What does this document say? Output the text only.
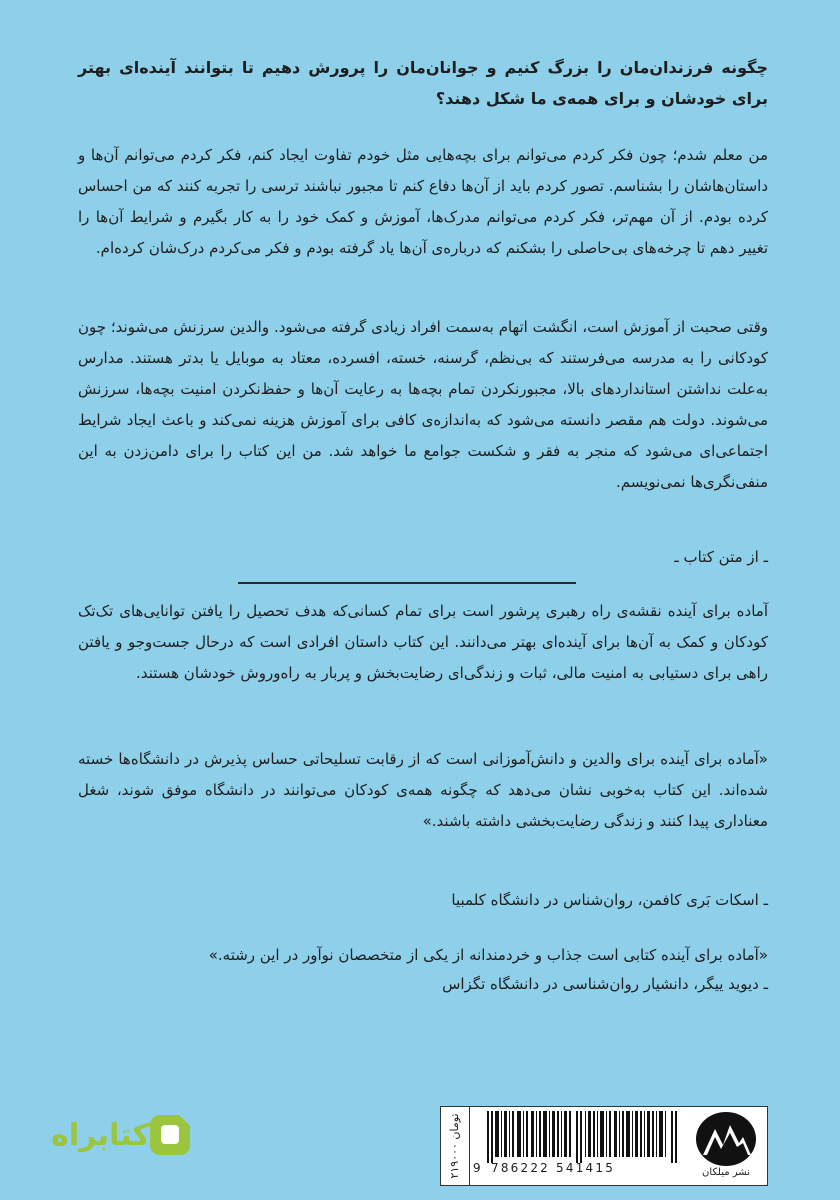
چگونه فرزندان‌مان را بزرگ کنیم و جوانان‌مان را پرورش دهیم تا بتوانند آینده‌ای بهتر برای خودشان و برای همه‌ی ما شکل دهند؟
من معلم شدم؛ چون فکر کردم می‌توانم برای بچه‌هایی مثل خودم تفاوت ایجاد کنم، فکر کردم می‌توانم آن‌ها و داستان‌هاشان را بشناسم. تصور کردم باید از آن‌ها دفاع کنم تا مجبور نباشند ترسی را تجربه کنند که من احساس کرده بودم. از آن مهم‌تر، فکر کردم می‌توانم مدرک‌ها، آموزش و کمک خود را به کار بگیرم و شرایط آن‌ها را تغییر دهم تا چرخه‌های بی‌حاصلی را بشکنم که درباره‌ی آن‌ها یاد گرفته بودم و فکر می‌کردم درک‌شان کرده‌ام.
وقتی صحبت از آموزش است، انگشت اتهام به‌سمت افراد زیادی گرفته می‌شود. والدین سرزنش می‌شوند؛ چون کودکانی را به مدرسه می‌فرستند که بی‌نظم، گرسنه، خسته، افسرده، معتاد به موبایل یا بدتر هستند. مدارس به‌علت نداشتن استانداردهای بالا، مجبورنکردن تمام بچه‌ها به رعایت آن‌ها و حفظ‌نکردن امنیت بچه‌ها، سرزنش می‌شوند. دولت هم مقصر دانسته می‌شود که به‌اندازه‌ی کافی برای آموزش هزینه نمی‌کند و باعث ایجاد شرایط اجتماعی‌ای می‌شود که منجر به فقر و شکست جوامع ما خواهد شد. من این کتاب را برای دامن‌زدن به این منفی‌نگری‌ها نمی‌نویسم.
ـ از متن کتاب ـ
آماده برای آینده نقشه‌ی راه رهبری پرشور است برای تمام کسانی‌که هدف تحصیل را یافتن توانایی‌های تک‌تک کودکان و کمک به آن‌ها برای آینده‌ای بهتر می‌دانند. این کتاب داستان افرادی است که درحال جست‌وجو و یافتن راهی برای دستیابی به امنیت مالی، ثبات و زندگی‌ای رضایت‌بخش و پربار به راه‌وروش خودشان هستند.
«آماده برای آینده برای والدین و دانش‌آموزانی است که از رقابت تسلیحاتی حساس پذیرش در دانشگاه‌ها خسته شده‌اند. این کتاب به‌خوبی نشان می‌دهد که چگونه همه‌ی کودکان می‌توانند در دانشگاه موفق شوند، شغل معناداری پیدا کنند و زندگی رضایت‌بخشی داشته باشند.»
ـ اسکات بَری کافمن، روان‌شناس در دانشگاه کلمبیا
«آماده برای آینده کتابی است جذاب و خردمندانه از یکی از متخصصان نوآور در این رشته.»
ـ دیوید ییگر، دانشیار روان‌شناسی در دانشگاه تگزاس
کتابراه
۲۱۹۰۰۰ تومان
9 786222 541415	نشر میلکان
